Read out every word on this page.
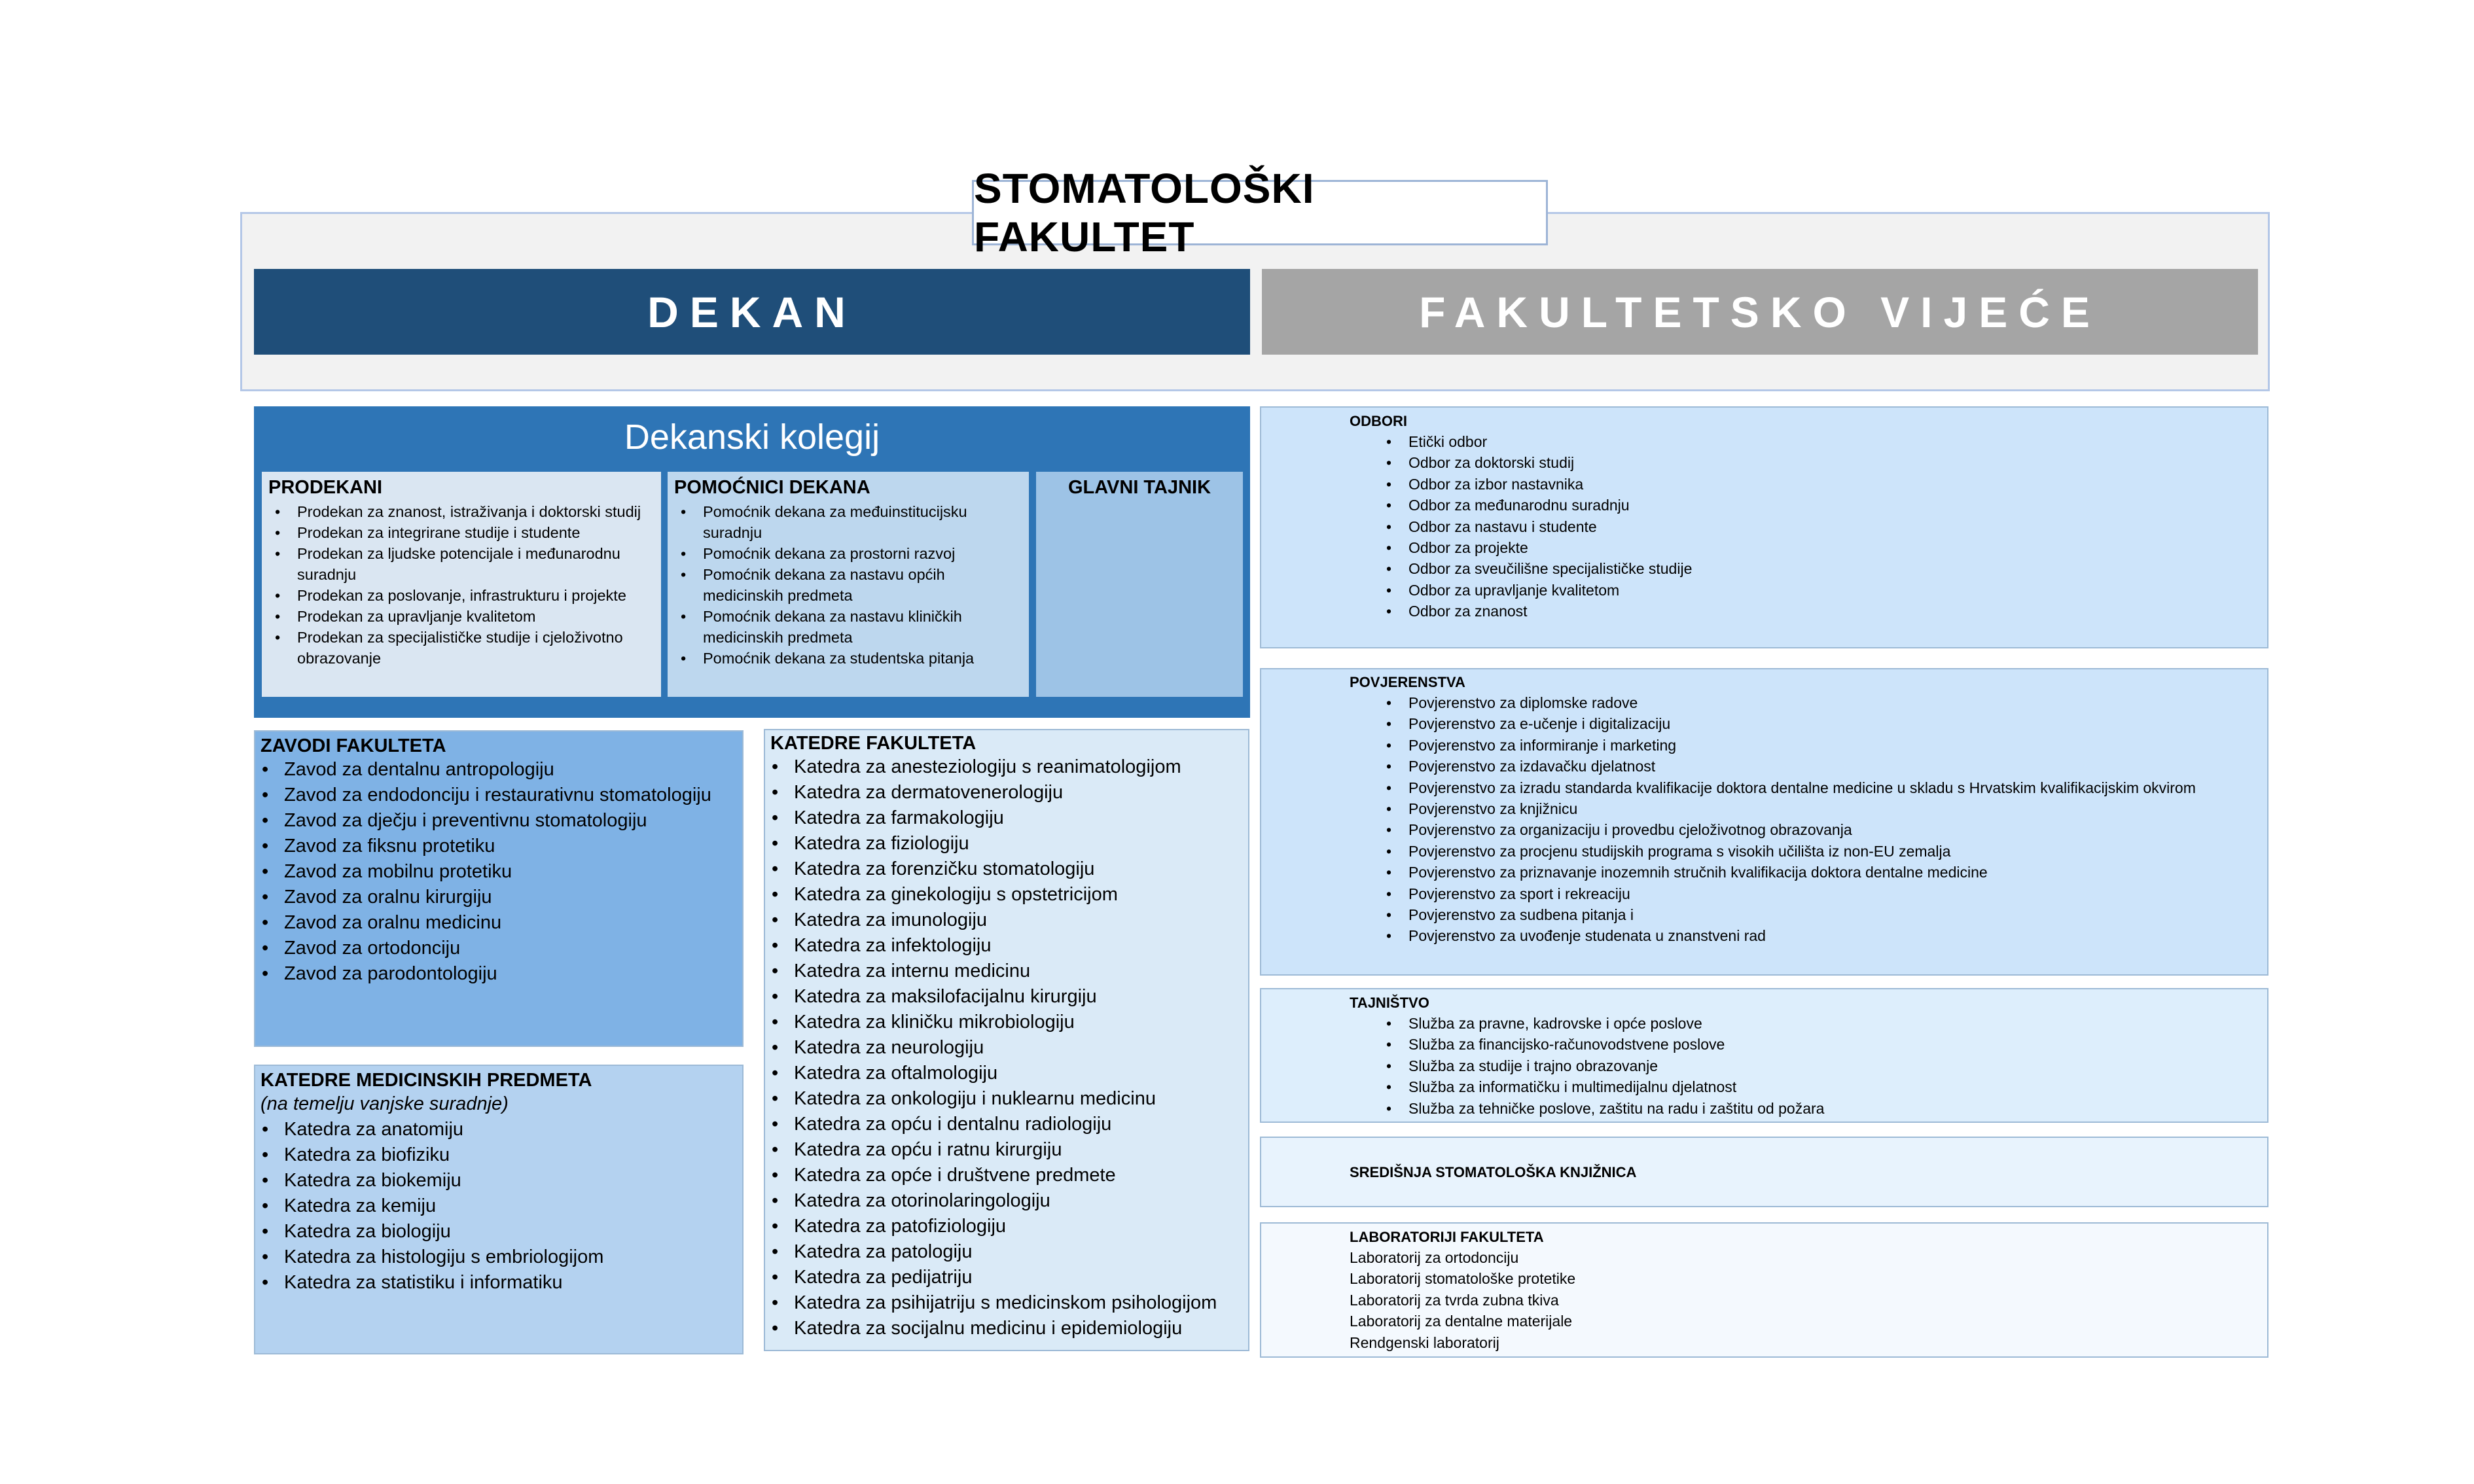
STOMATOLOŠKI FAKULTET
DEKAN	FAKULTETSKO VIJEĆE
Dekanski kolegij
PRODEKANI
• Prodekan za znanost, istraživanja i doktorski studij
• Prodekan za integrirane studije i studente
• Prodekan za ljudske potencijale i međunarodnu suradnju
• Prodekan za poslovanje, infrastrukturu i projekte
• Prodekan za upravljanje kvalitetom
• Prodekan za specijalističke studije i cjeloživotno obrazovanje
POMOĆNICI DEKANA
• Pomoćnik dekana za međuinstitucijsku suradnju
• Pomoćnik dekana za prostorni razvoj
• Pomoćnik dekana za nastavu općih medicinskih predmeta
• Pomoćnik dekana za nastavu kliničkih medicinskih predmeta
• Pomoćnik dekana za studentska pitanja
GLAVNI TAJNIK
ZAVODI FAKULTETA
• Zavod za dentalnu antropologiju
• Zavod za endodonciju i restaurativnu stomatologiju
• Zavod za dječju i preventivnu stomatologiju
• Zavod za fiksnu protetiku
• Zavod za mobilnu protetiku
• Zavod za oralnu kirurgiju
• Zavod za oralnu medicinu
• Zavod za ortodonciju
• Zavod za parodontologiju
KATEDRE MEDICINSKIH PREDMETA
(na temelju vanjske suradnje)
• Katedra za anatomiju
• Katedra za biofiziku
• Katedra za biokemiju
• Katedra za kemiju
• Katedra za biologiju
• Katedra za histologiju s embriologijom
• Katedra za statistiku i informatiku
KATEDRE FAKULTETA
• Katedra za anesteziologiju s reanimatologijom
• Katedra za dermatovenerologiju
• Katedra za farmakologiju
• Katedra za fiziologiju
• Katedra za forenzičku stomatologiju
• Katedra za ginekologiju s opstetricijom
• Katedra za imunologiju
• Katedra za infektologiju
• Katedra za internu medicinu
• Katedra za maksilofacijalnu kirurgiju
• Katedra za kliničku mikrobiologiju
• Katedra za neurologiju
• Katedra za oftalmologiju
• Katedra za onkologiju i nuklearnu medicinu
• Katedra za opću i dentalnu radiologiju
• Katedra za opću i ratnu kirurgiju
• Katedra za opće i društvene predmete
• Katedra za otorinolaringologiju
• Katedra za patofiziologiju
• Katedra za patologiju
• Katedra za pedijatriju
• Katedra za psihijatriju s medicinskom psihologijom
• Katedra za socijalnu medicinu i epidemiologiju
ODBORI
• Etički odbor
• Odbor za doktorski studij
• Odbor za izbor nastavnika
• Odbor za međunarodnu suradnju
• Odbor za nastavu i studente
• Odbor za projekte
• Odbor za sveučilišne specijalističke studije
• Odbor za upravljanje kvalitetom
• Odbor za znanost
POVJERENSTVA
• Povjerenstvo za diplomske radove
• Povjerenstvo za e-učenje i digitalizaciju
• Povjerenstvo za informiranje i marketing
• Povjerenstvo za izdavačku djelatnost
• Povjerenstvo za izradu standarda kvalifikacije doktora dentalne medicine u skladu s Hrvatskim kvalifikacijskim okvirom
• Povjerenstvo za knjižnicu
• Povjerenstvo za organizaciju i provedbu cjeloživotnog obrazovanja
• Povjerenstvo za procjenu studijskih programa s visokih učilišta iz non-EU zemalja
• Povjerenstvo za priznavanje inozemnih stručnih kvalifikacija doktora dentalne medicine
• Povjerenstvo za sport i rekreaciju
• Povjerenstvo za sudbena pitanja i
• Povjerenstvo za uvođenje studenata u znanstveni rad
TAJNIŠTVO
• Služba za pravne, kadrovske i opće poslove
• Služba za financijsko-računovodstvene poslove
• Služba za studije i trajno obrazovanje
• Služba za informatičku i multimedijalnu djelatnost
• Služba za tehničke poslove, zaštitu na radu i zaštitu od požara
SREDIŠNJA STOMATOLOŠKA KNJIŽNICA
LABORATORIJI FAKULTETA
Laboratorij za ortodonciju
Laboratorij stomatološke protetike
Laboratorij za tvrda zubna tkiva
Laboratorij za dentalne materijale
Rendgenski laboratorij
